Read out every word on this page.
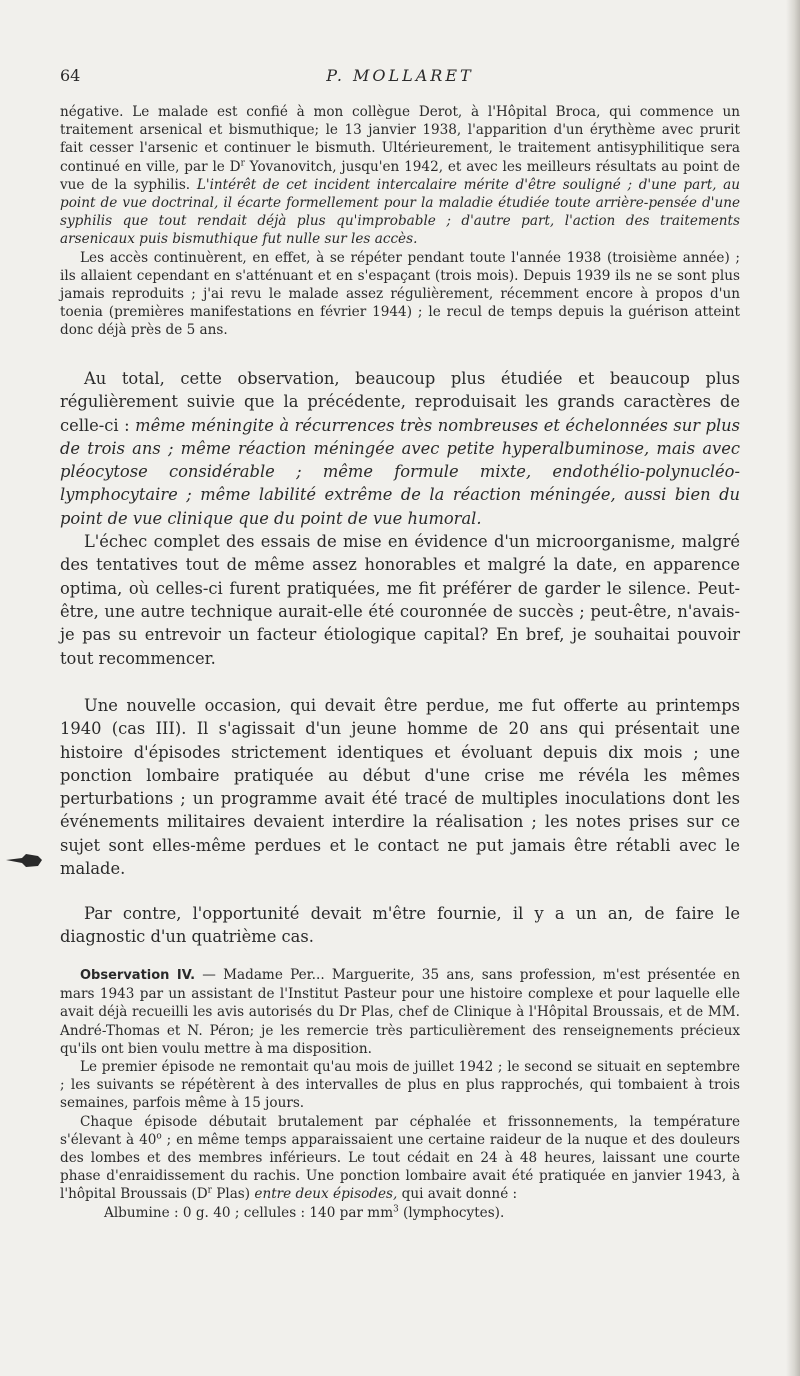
64	P. MOLLARET

négative. Le malade est confié à mon collègue Derot, à l'Hôpital Broca, qui commence un traitement arsenical et bismuthique; le 13 janvier 1938, l'apparition d'un érythème avec prurit fait cesser l'arsenic et continuer le bismuth. Ultérieurement, le traitement antisyphilitique sera continué en ville, par le $D^r$ Yovanovitch, jusqu'en 1942, et avec les meilleurs résultats au point de vue de la syphilis. L'intérêt de cet incident intercalaire mérite d'être souligné ; d'une part, au point de vue doctrinal, il écarte formellement pour la maladie étudiée toute arrière-pensée d'une syphilis que tout rendait déjà plus qu'improbable ; d'autre part, l'action des traitements arsenicaux puis bismuthique fut nulle sur les accès.

Les accès continuèrent, en effet, à se répéter pendant toute l'année 1938 (troisième année) ; ils allaient cependant en s'atténuant et en s'espaçant (trois mois). Depuis 1939 ils ne se sont plus jamais reproduits ; j'ai revu le malade assez régulièrement, récemment encore à propos d'un toenia (premières manifestations en février 1944) ; le recul de temps depuis la guérison atteint donc déjà près de 5 ans.

Au total, cette observation, beaucoup plus étudiée et beaucoup plus régulièrement suivie que la précédente, reproduisait les grands caractères de celle-ci : même méningite à récurrences très nombreuses et échelonnées sur plus de trois ans ; même réaction méningée avec petite hyperalbuminose, mais avec pléocytose considérable ; même formule mixte, endothélio-polynucléo-lymphocytaire ; même labilité extrême de la réaction méningée, aussi bien du point de vue clinique que du point de vue humoral.

L'échec complet des essais de mise en évidence d'un microorganisme, malgré des tentatives tout de même assez honorables et malgré la date, en apparence optima, où celles-ci furent pratiquées, me fit préférer de garder le silence. Peut-être, une autre technique aurait-elle été couronnée de succès ; peut-être, n'avais-je pas su entrevoir un facteur étiologique capital? En bref, je souhaitai pouvoir tout recommencer.

Une nouvelle occasion, qui devait être perdue, me fut offerte au printemps 1940 (cas III). Il s'agissait d'un jeune homme de 20 ans qui présentait une histoire d'épisodes strictement identiques et évoluant depuis dix mois ; une ponction lombaire pratiquée au début d'une crise me révéla les mêmes perturbations ; un programme avait été tracé de multiples inoculations dont les événements militaires devaient interdire la réalisation ; les notes prises sur ce sujet sont elles-même perdues et le contact ne put jamais être rétabli avec le malade.

Par contre, l'opportunité devait m'être fournie, il y a un an, de faire le diagnostic d'un quatrième cas.

Observation IV. — Madame Per... Marguerite, 35 ans, sans profession, m'est présentée en mars 1943 par un assistant de l'Institut Pasteur pour une histoire complexe et pour laquelle elle avait déjà recueilli les avis autorisés du Dr Plas, chef de Clinique à l'Hôpital Broussais, et de MM. André-Thomas et N. Péron; je les remercie très particulièrement des renseignements précieux qu'ils ont bien voulu mettre à ma disposition.

Le premier épisode ne remontait qu'au mois de juillet 1942 ; le second se situait en septembre ; les suivants se répétèrent à des intervalles de plus en plus rapprochés, qui tombaient à trois semaines, parfois même à 15 jours.

Chaque épisode débutait brutalement par céphalée et frissonnements, la température s'élevant à 40$^o$ ; en même temps apparaissaient une certaine raideur de la nuque et des douleurs des lombes et des membres inférieurs. Le tout cédait en 24 à 48 heures, laissant une courte phase d'enraidissement du rachis. Une ponction lombaire avait été pratiquée en janvier 1943, à l'hôpital Broussais ($D^r$ Plas) entre deux épisodes, qui avait donné :

Albumine : 0 g. 40 ; cellules : 140 par $mm^3$ (lymphocytes).
